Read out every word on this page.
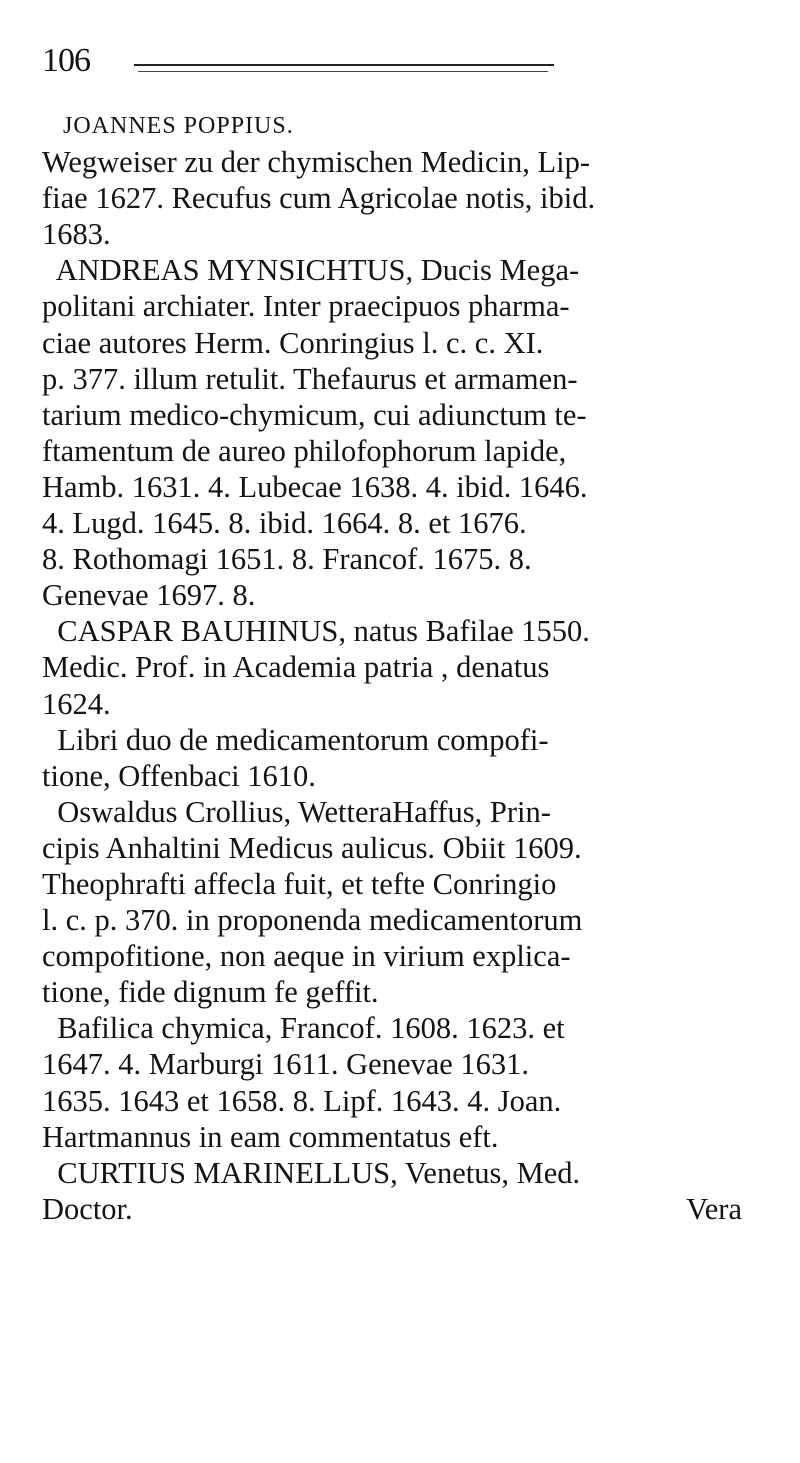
106
JOANNES POPPIUS.
Wegweiser zu der chymischen Medicin, Lip-
fiae 1627. Recufus cum Agricolae notis, ibid.
1683.
ANDREAS MYNSICHTUS, Ducis Mega-
politani archiater. Inter praecipuos pharma-
ciae autores Herm. Conringius l. c. c. XI.
p. 377. illum retulit. Thefaurus et armamen-
tarium medico-chymicum, cui adiunctum te-
ftamentum de aureo philofophorum lapide,
Hamb. 1631. 4. Lubecae 1638. 4. ibid. 1646.
4. Lugd. 1645. 8. ibid. 1664. 8. et 1676.
8. Rothomagi 1651. 8. Francof. 1675. 8.
Genevae 1697. 8.
CASPAR BAUHINUS, natus Bafilae 1550.
Medic. Prof. in Academia patria , denatus
1624.
Libri duo de medicamentorum compofi-
tione, Offenbaci 1610.
Oswaldus Crollius, WetteraHaffus, Prin-
cipis Anhaltini Medicus aulicus. Obiit 1609.
Theophrafti affecla fuit, et tefte Conringio
l. c. p. 370. in proponenda medicamentorum
compofitione, non aeque in virium explica-
tione, fide dignum fe geffit.
Bafilica chymica, Francof. 1608. 1623. et
1647. 4. Marburgi 1611. Genevae 1631.
1635. 1643 et 1658. 8. Lipf. 1643. 4. Joan.
Hartmannus in eam commentatus eft.
CURTIUS MARINELLUS, Venetus, Med.
Doctor.	Vera
